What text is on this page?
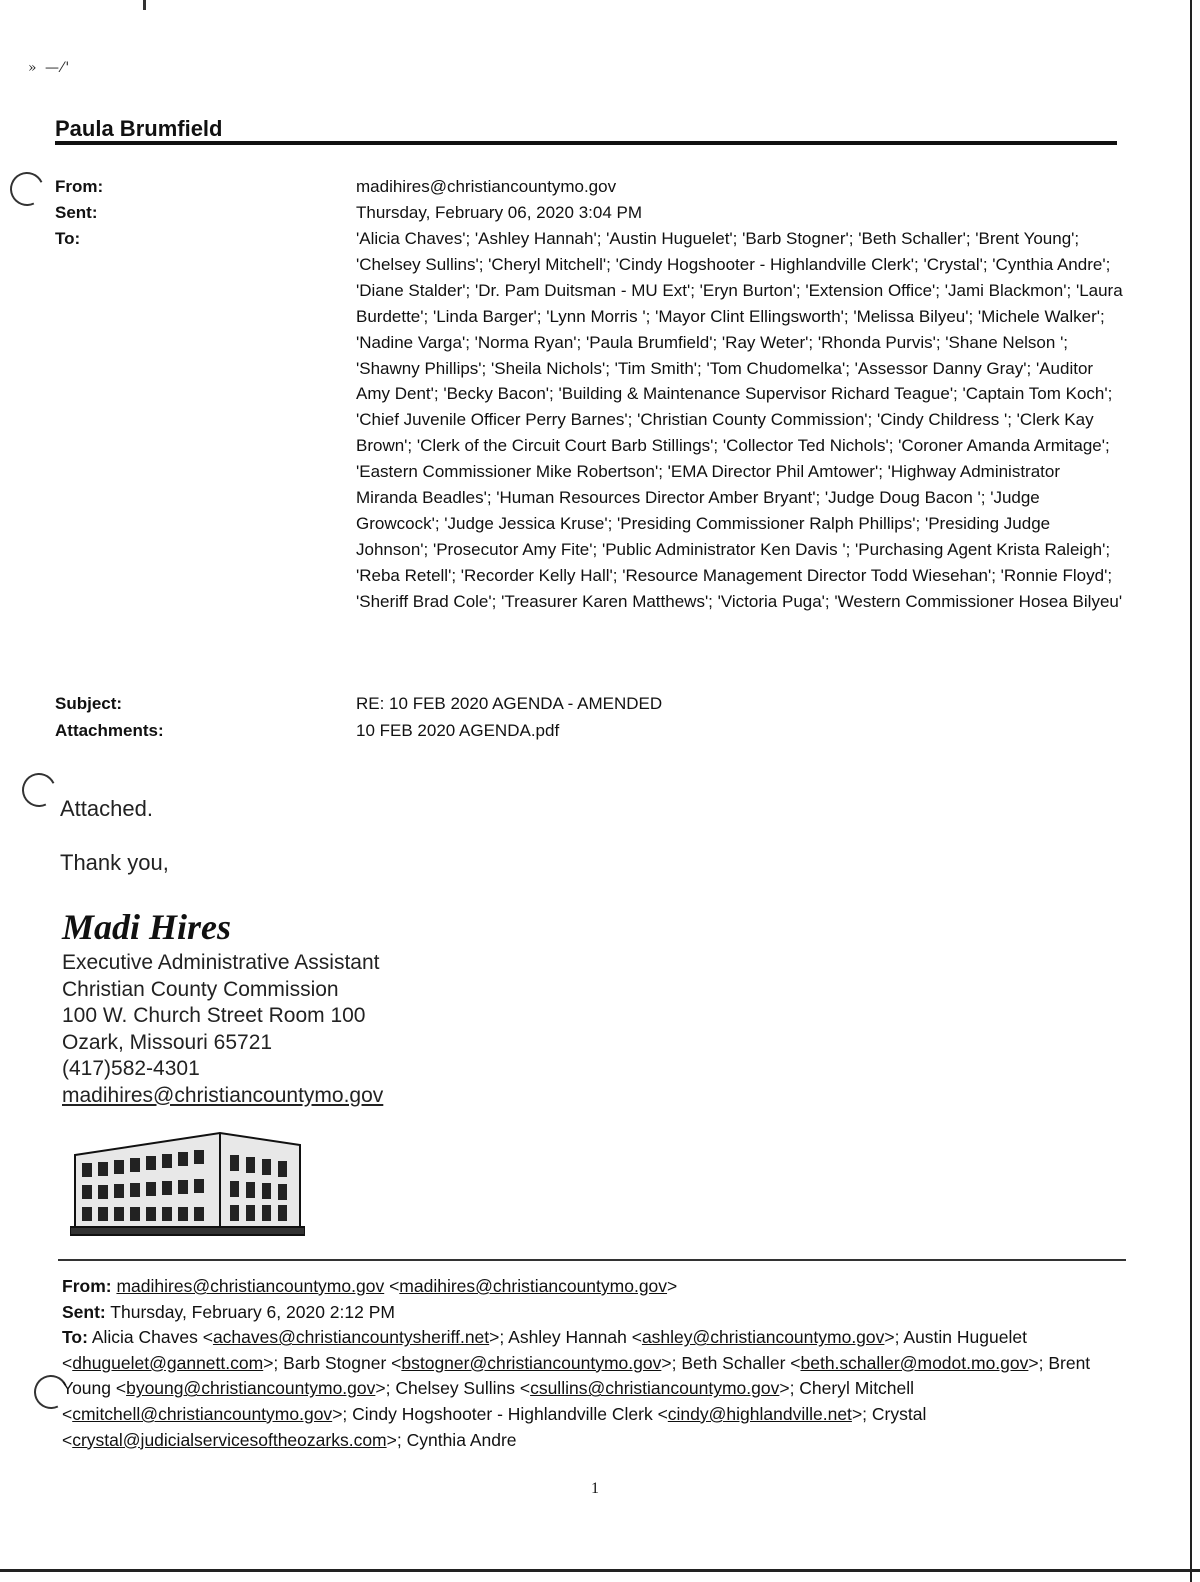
» —⁄'
Paula Brumfield
From:	madihires@christiancountymo.gov
Sent:	Thursday, February 06, 2020 3:04 PM
To:	'Alicia Chaves'; 'Ashley Hannah'; 'Austin Huguelet'; 'Barb Stogner'; 'Beth Schaller'; 'Brent Young'; 'Chelsey Sullins'; 'Cheryl Mitchell'; 'Cindy Hogshooter - Highlandville Clerk'; 'Crystal'; 'Cynthia Andre'; 'Diane Stalder'; 'Dr. Pam Duitsman - MU Ext'; 'Eryn Burton'; 'Extension Office'; 'Jami Blackmon'; 'Laura Burdette'; 'Linda Barger'; 'Lynn Morris '; 'Mayor Clint Ellingsworth'; 'Melissa Bilyeu'; 'Michele Walker'; 'Nadine Varga'; 'Norma Ryan'; 'Paula Brumfield'; 'Ray Weter'; 'Rhonda Purvis'; 'Shane Nelson '; 'Shawny Phillips'; 'Sheila Nichols'; 'Tim Smith'; 'Tom Chudomelka'; 'Assessor Danny Gray'; 'Auditor Amy Dent'; 'Becky Bacon'; 'Building & Maintenance Supervisor Richard Teague'; 'Captain Tom Koch'; 'Chief Juvenile Officer Perry Barnes'; 'Christian County Commission'; 'Cindy Childress '; 'Clerk Kay Brown'; 'Clerk of the Circuit Court Barb Stillings'; 'Collector Ted Nichols'; 'Coroner Amanda Armitage'; 'Eastern Commissioner Mike Robertson'; 'EMA Director Phil Amtower'; 'Highway Administrator Miranda Beadles'; 'Human Resources Director Amber Bryant'; 'Judge Doug Bacon '; 'Judge Growcock'; 'Judge Jessica Kruse'; 'Presiding Commissioner Ralph Phillips'; 'Presiding Judge Johnson'; 'Prosecutor Amy Fite'; 'Public Administrator Ken Davis '; 'Purchasing Agent Krista Raleigh'; 'Reba Retell'; 'Recorder Kelly Hall'; 'Resource Management Director Todd Wiesehan'; 'Ronnie Floyd'; 'Sheriff Brad Cole'; 'Treasurer Karen Matthews'; 'Victoria Puga'; 'Western Commissioner Hosea Bilyeu'
Subject:	RE: 10 FEB 2020 AGENDA - AMENDED
Attachments:	10 FEB 2020 AGENDA.pdf
Attached.
Thank you,
Madi Hires
Executive Administrative Assistant
Christian County Commission
100 W. Church Street Room 100
Ozark, Missouri 65721
(417)582-4301
madihires@christiancountymo.gov
From: madihires@christiancountymo.gov <madihires@christiancountymo.gov>
Sent: Thursday, February 6, 2020 2:12 PM
To: Alicia Chaves <achaves@christiancountysheriff.net>; Ashley Hannah <ashley@christiancountymo.gov>; Austin Huguelet <dhuguelet@gannett.com>; Barb Stogner <bstogner@christiancountymo.gov>; Beth Schaller <beth.schaller@modot.mo.gov>; Brent Young <byoung@christiancountymo.gov>; Chelsey Sullins <csullins@christiancountymo.gov>; Cheryl Mitchell <cmitchell@christiancountymo.gov>; Cindy Hogshooter - Highlandville Clerk <cindy@highlandville.net>; Crystal <crystal@judicialservicesoftheozarks.com>; Cynthia Andre
1
